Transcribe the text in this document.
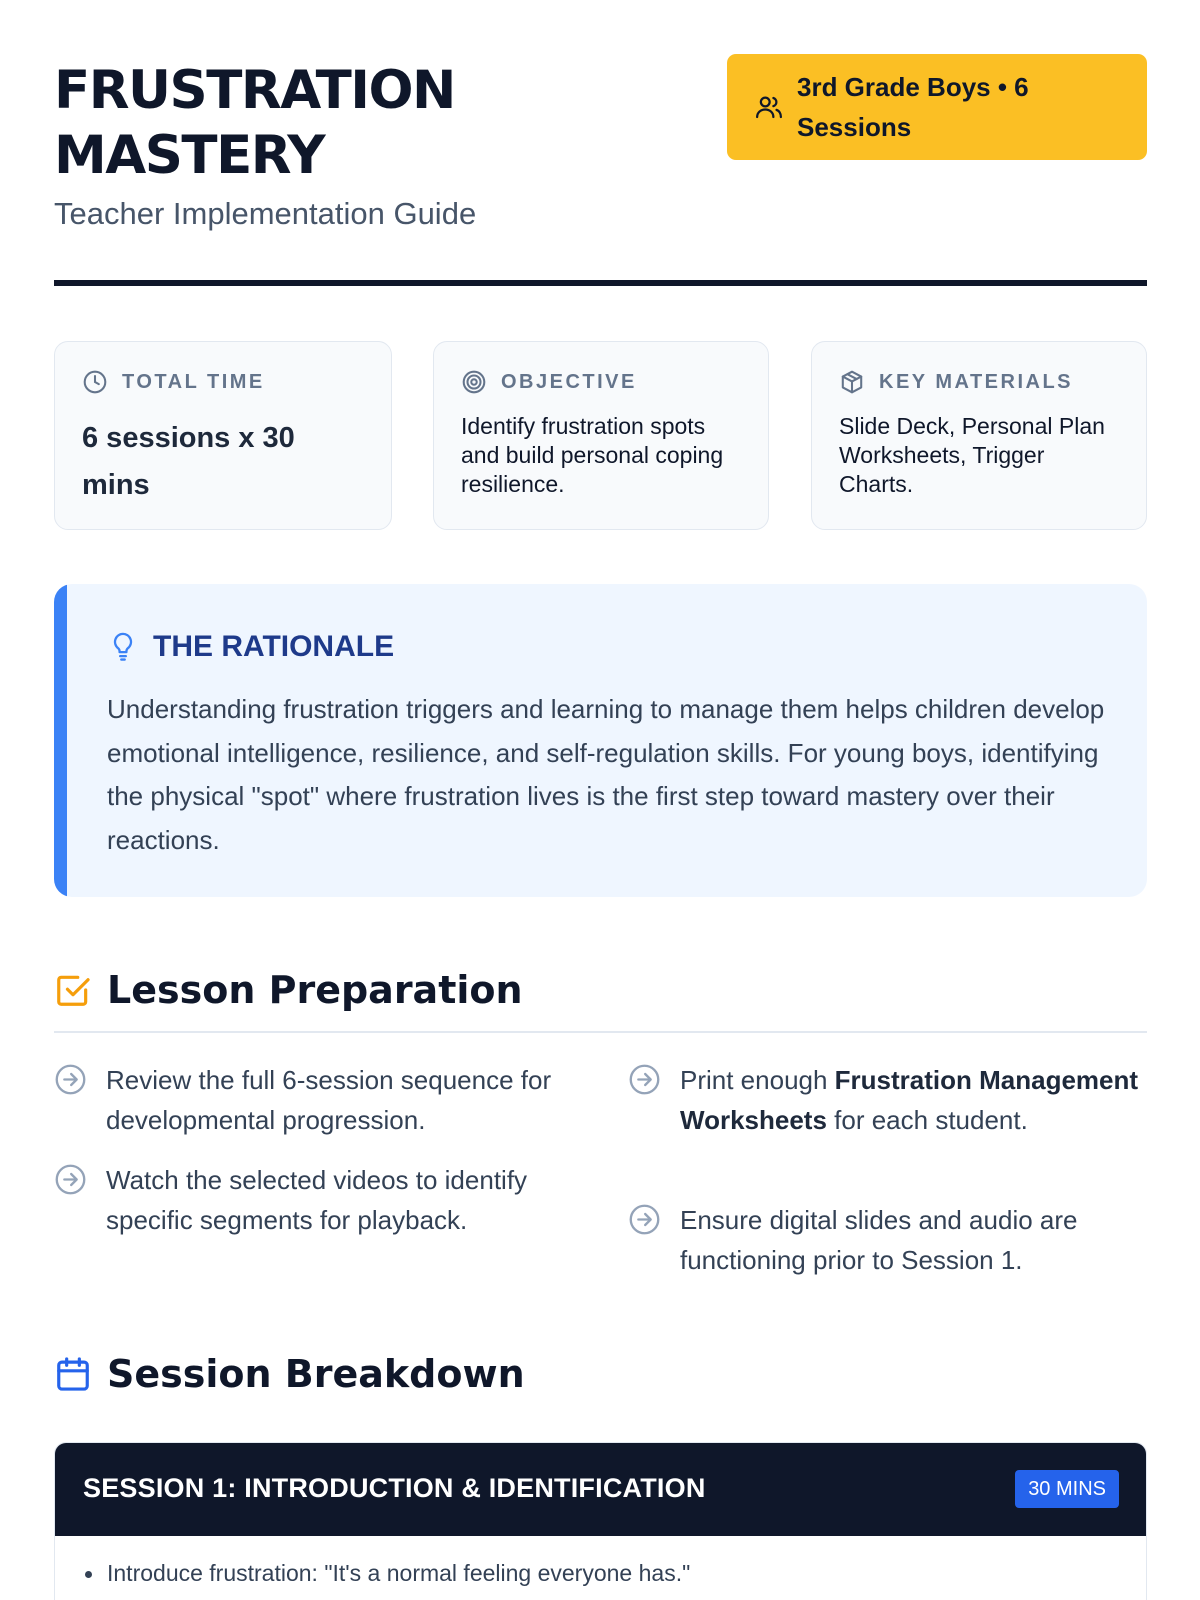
FRUSTRATION
MASTERY
Teacher Implementation Guide
3rd Grade Boys • 6 Sessions
TOTAL TIME
6 sessions x 30 mins
OBJECTIVE
Identify frustration spots and build personal coping resilience.
KEY MATERIALS
Slide Deck, Personal Plan Worksheets, Trigger Charts.
THE RATIONALE

Understanding frustration triggers and learning to manage them helps children develop emotional intelligence, resilience, and self-regulation skills. For young boys, identifying the physical "spot" where frustration lives is the first step toward mastery over their reactions.

Lesson Preparation
Review the full 6-session sequence for developmental progression.
Watch the selected videos to identify specific segments for playback.
Print enough Frustration Management Worksheets for each student.
Ensure digital slides and audio are functioning prior to Session 1.
Session Breakdown
SESSION 1: INTRODUCTION & IDENTIFICATION	30 MINS
Introduce frustration: "It's a normal feeling everyone has."
